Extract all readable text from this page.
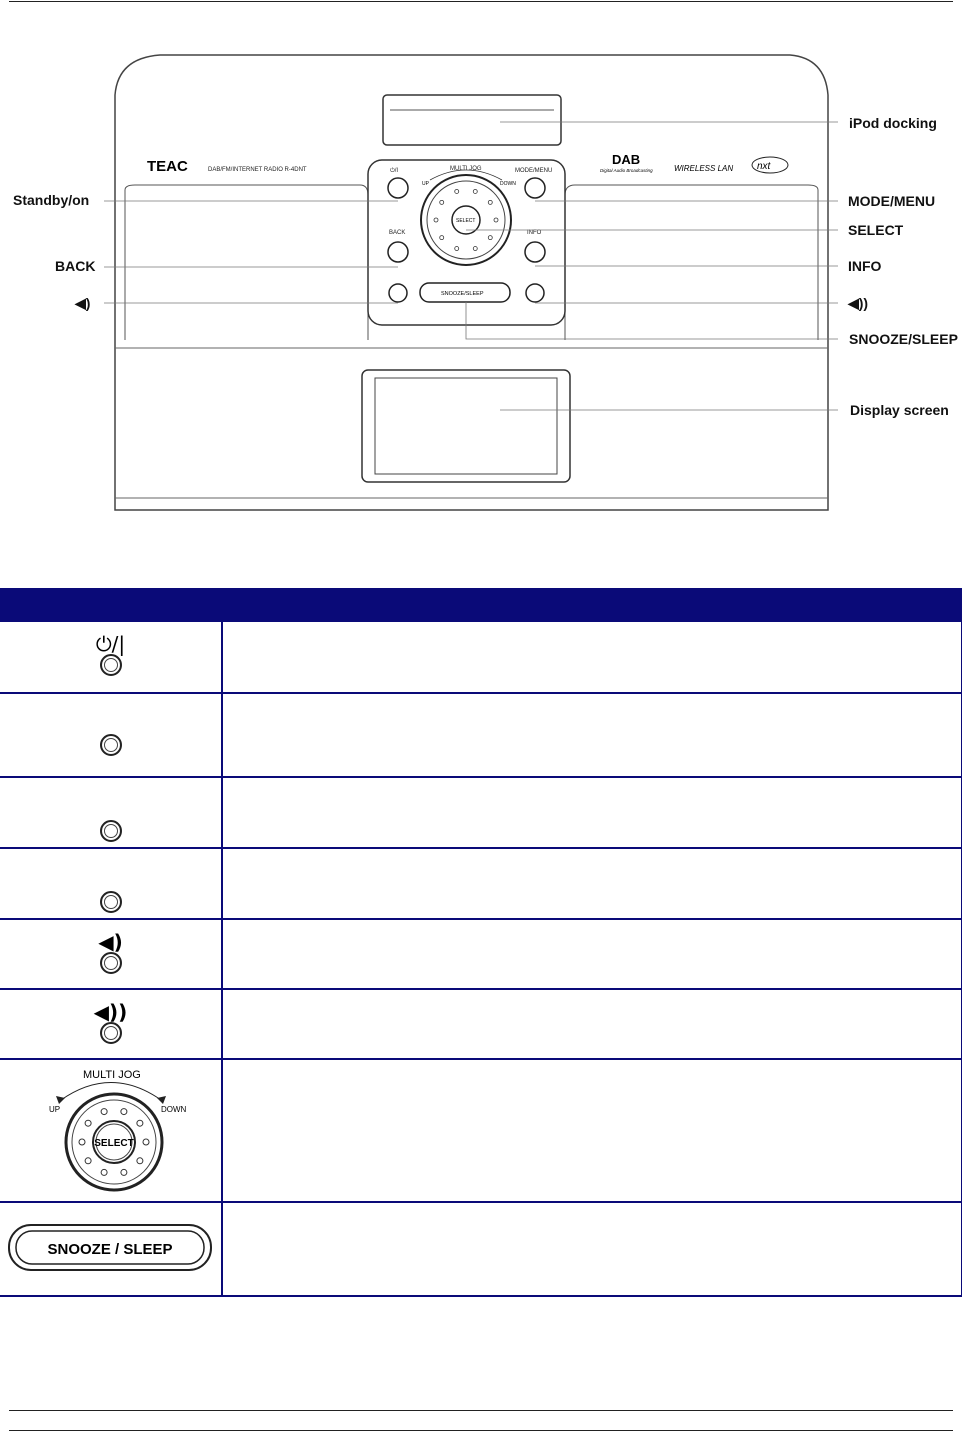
TEAC	DAB/FM/INTERNET RADIO R-4DNT
DAB
Digital Audio Broadcasting	WIRELESS LAN nxt
⏻/I	MULTI JOG	MODE/MENU
UP	DOWN
SELECT
BACK	INFO
SNOOZE/SLEEP
Standby/on
BACK
◀)
iPod docking
MODE/MENU
SELECT
INFO
◀))
SNOOZE/SLEEP
Display screen

⏻/|		

◀)		

◀))		

MULTI JOG
UP DOWN
SELECT		

SNOOZE / SLEEP		
